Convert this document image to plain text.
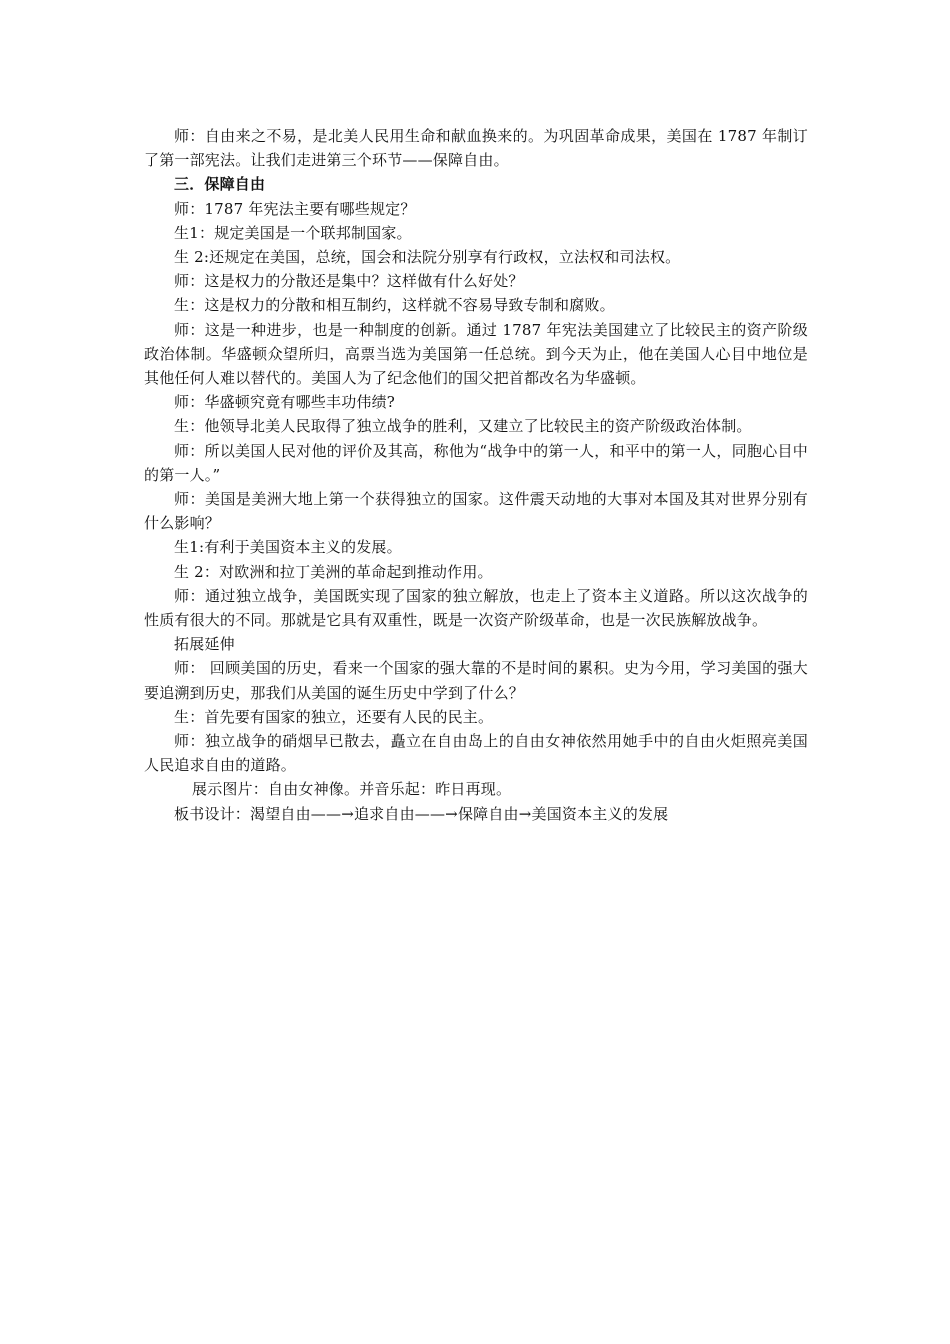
师：自由来之不易，是北美人民用生命和献血换来的。为巩固革命成果，美国在 1787 年制订了第一部宪法。让我们走进第三个环节——保障自由。

三．保障自由

师：1787 年宪法主要有哪些规定？

生1：规定美国是一个联邦制国家。

生 2:还规定在美国，总统，国会和法院分别享有行政权，立法权和司法权。

师：这是权力的分散还是集中？这样做有什么好处？

生：这是权力的分散和相互制约，这样就不容易导致专制和腐败。

师：这是一种进步，也是一种制度的创新。通过 1787 年宪法美国建立了比较民主的资产阶级政治体制。华盛顿众望所归，高票当选为美国第一任总统。到今天为止，他在美国人心目中地位是其他任何人难以替代的。美国人为了纪念他们的国父把首都改名为华盛顿。

师：华盛顿究竟有哪些丰功伟绩?

生：他领导北美人民取得了独立战争的胜利，又建立了比较民主的资产阶级政治体制。

师：所以美国人民对他的评价及其高，称他为“战争中的第一人，和平中的第一人，同胞心目中的第一人。”

师：美国是美洲大地上第一个获得独立的国家。这件震天动地的大事对本国及其对世界分别有什么影响？

生1:有利于美国资本主义的发展。

生 2：对欧洲和拉丁美洲的革命起到推动作用。

师：通过独立战争，美国既实现了国家的独立解放，也走上了资本主义道路。所以这次战争的性质有很大的不同。那就是它具有双重性，既是一次资产阶级革命，也是一次民族解放战争。

拓展延伸

师： 回顾美国的历史，看来一个国家的强大靠的不是时间的累积。史为今用，学习美国的强大要追溯到历史，那我们从美国的诞生历史中学到了什么？

生：首先要有国家的独立，还要有人民的民主。

师：独立战争的硝烟早已散去，矗立在自由岛上的自由女神依然用她手中的自由火炬照亮美国人民追求自由的道路。

展示图片：自由女神像。并音乐起：昨日再现。

板书设计：渴望自由——→追求自由——→保障自由→美国资本主义的发展
